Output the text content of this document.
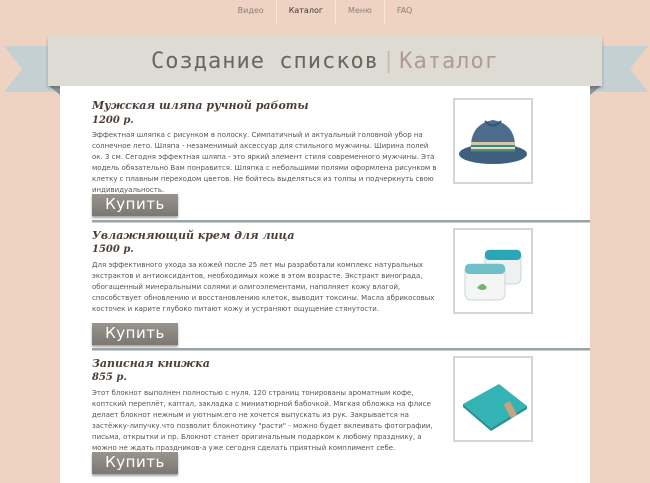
Видео	Каталог	Меню	FAQ
Создание списков | Каталог
Мужская шляпа ручной работы
1200 р.
Эффектная шляпка с рисунком в полоску. Симпатичный и актуальный головной убор на солнечное лето. Шляпа - незаменимый аксессуар для стильного мужчины. Ширина полей ок. 3 см. Сегодня эффектная шляпа - это яркий элемент стиля современного мужчины. Эта модель обязательно Вам понравится. Шляпка с небольшими полями оформлена рисунком в клетку с плавным переходом цветов. Не бойтесь выделяться из толпы и подчеркнуть свою индивидуальность.
Купить
Увлажняющий крем для лица
1500 р.
Для эффективного ухода за кожей после 25 лет мы разработали комплекс натуральных экстрактов и антиоксидантов, необходимых коже в этом возрасте. Экстракт винограда, обогащенный минеральными солями и олигоэлементами, наполняет кожу влагой, способствует обновлению и восстановлению клеток, выводит токсины. Масла абрикосовых косточек и карите глубоко питают кожу и устраняют ощущение стянутости.
Купить
Записная книжка
855 р.
Этот блокнот выполнен полностью с нуля. 120 страниц тонированы ароматным кофе, коптский переплёт, каптал, закладка с миниатюрной бабочкой. Мягкая обложка на флисе делает блокнот нежным и уютным.его не хочется выпускать из рук. Закрывается на застёжку-липучку.что позволит блокнотику "расти" - можно будет вклеивать фотографии, письма, открытки и пр. Блокнот станет оригинальным подарком к любому празднику, а можно не ждать праздников-а уже сегодня сделать приятный комплимент себе.
Купить
